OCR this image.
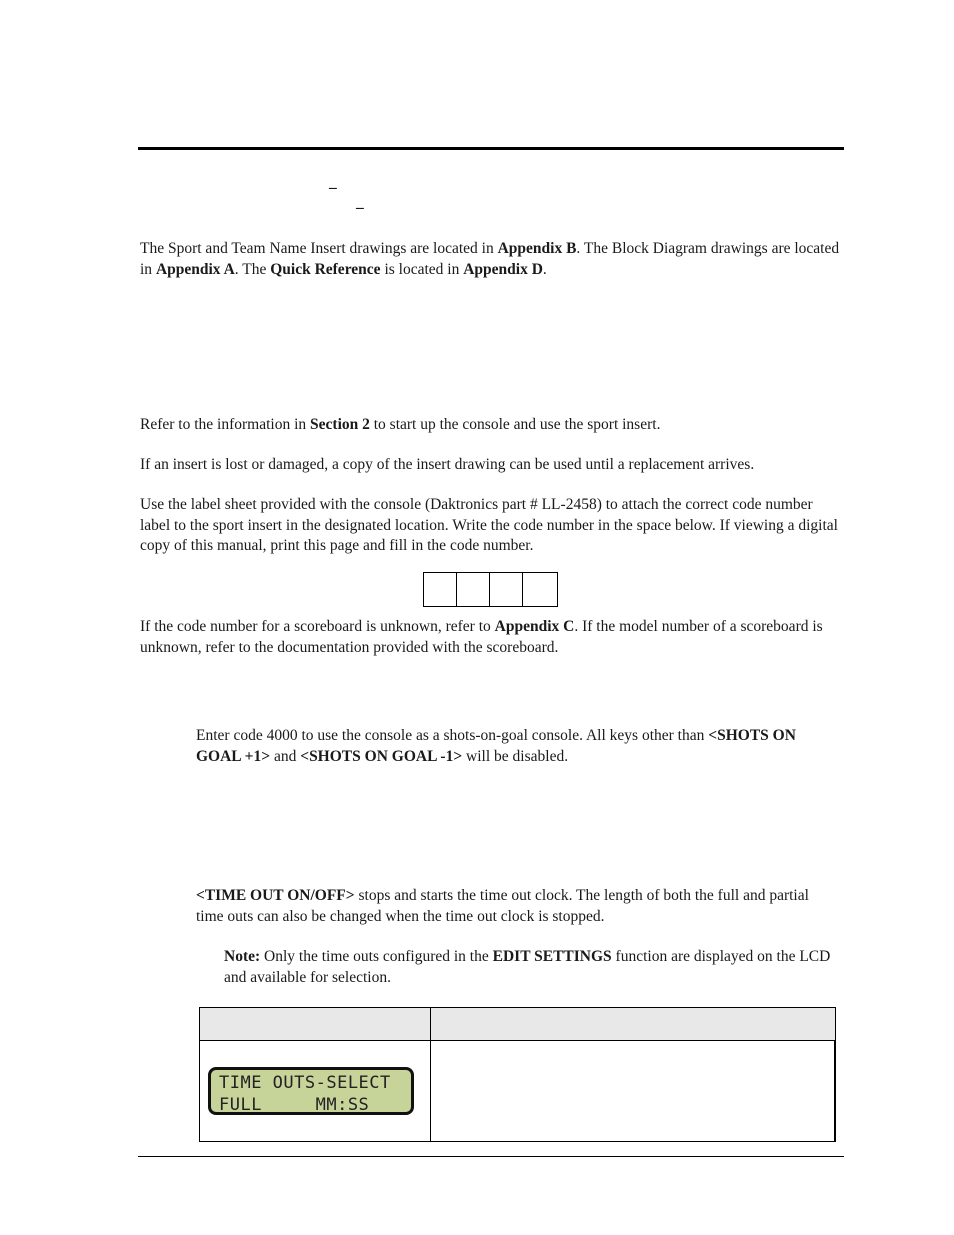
–
–
The Sport and Team Name Insert drawings are located in Appendix B. The Block Diagram drawings are located in Appendix A. The Quick Reference is located in Appendix D.
Refer to the information in Section 2 to start up the console and use the sport insert.
If an insert is lost or damaged, a copy of the insert drawing can be used until a replacement arrives.
Use the label sheet provided with the console (Daktronics part # LL-2458) to attach the correct code number label to the sport insert in the designated location. Write the code number in the space below. If viewing a digital copy of this manual, print this page and fill in the code number.
If the code number for a scoreboard is unknown, refer to Appendix C. If the model number of a scoreboard is unknown, refer to the documentation provided with the scoreboard.
Enter code 4000 to use the console as a shots-on-goal console. All keys other than <SHOTS ON GOAL +1> and <SHOTS ON GOAL -1> will be disabled.
<TIME OUT ON/OFF> stops and starts the time out clock. The length of both the full and partial time outs can also be changed when the time out clock is stopped.
Note: Only the time outs configured in the EDIT SETTINGS function are displayed on the LCD and available for selection.

TIME OUTS-SELECT
FULL     MM:SS	
